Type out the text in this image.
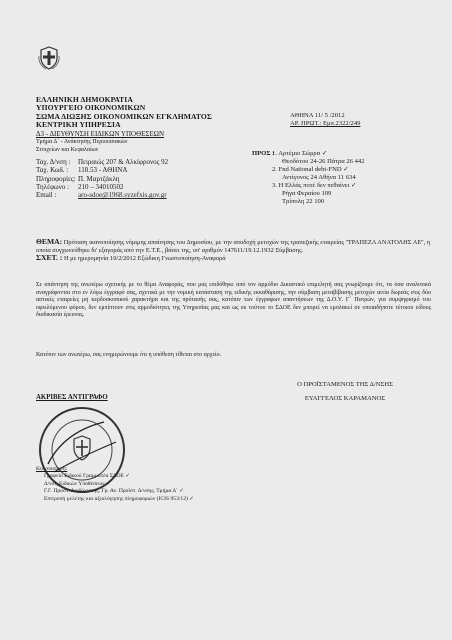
ΕΛΛΗΝΙΚΗ ΔΗΜΟΚΡΑΤΙΑ
ΥΠΟΥΡΓΕΙΟ ΟΙΚΟΝΟΜΙΚΩΝ
ΣΩΜΑ ΔΙΩΞΗΣ ΟΙΚΟΝΟΜΙΚΩΝ ΕΓΚΛΗΜΑΤΟΣ
ΚΕΝΤΡΙΚΗ ΥΠΗΡΕΣΙΑ
Δ3 - ΔΙΕΥΘΥΝΣΗ ΕΙΔΙΚΩΝ ΥΠΟΘΕΣΕΩΝ
Τμήμα Δ΄ - Ανάκτησης Περιουσιακών
Στοιχείων και Κεφαλαίων
Ταχ. Δ/νση :	Πειραιώς 207 & Αλκίφρονος 92
Ταχ. Κωδ. :	118.53 - ΑΘΗΝΑ
Πληροφορίες: Π. Μαρτζάκλη
Τηλέφωνο :	210 – 34010502
Email :	aro-sdoe@1968.syzefxis.gov.gr
ΑΘΗΝΑ 11/ 5 /2012
ΑΡ. ΠΡΩΤ.: Εμπ.2322/249
ΠΡΟΣ :
1. Αρτέμιο Σώρρα ✓
Θεοδότου 24-26 Πάτρα 26 442
2. Fnd National debt-FND ✓
Αντίγονος 24 Αθήνα 11 634
3. Η Ελλάς ποτέ δεν πεθαίνει ✓
Ρήγα Φεραίου 109
Τρίπολη 22 100
ΘΕΜΑ: Πρόταση ικανοποίησης νόμιμης απαίτησης του Δημοσίου, με την αποδοχή μετοχών της τραπεζικής εταιρείας ''ΤΡΑΠΕΖΑ ΑΝΑΤΟΛΗΣ ΑΕ'', η οποία συγχωνεύθηκε δι' εξαγοράς από την Ε.Τ.Ε., βάσει της, υπ' αριθμόν 147611/19.12.1932 Σύμβασης.
ΣΧΕΤ. : Η με ημερομηνία 10/2/2012 Εξώδικη Γνωστοποίηση-Αναφορά
Σε απάντηση της ανωτέρω σχετικής με το θέμα Αναφοράς, που μας επιδόθηκε από τον αρμόδιο Δικαστικό επιμελητή σας γνωρίζουμε ότι, τα όσα αναλυτικά αναγράφονται στο εν λόγω έγγραφό σας, σχετικά με την νομική κατάσταση της ειδικής εκκαθάρισης, την σύμβαση μεταβίβασης μετοχών αιτία δωρεάς στις δύο αστικές εταιρείες μη κερδοσκοπικού χαρακτήρα και της πρότασής σας, κατόπιν των έγγραφων απαντήσεων της Δ.Ο.Υ. Γ΄ Πατρών, για συμψηφισμό του οφειλόμενου φόρου, δεν εμπίπτουν στις αρμοδιότητες της Υπηρεσίας μας και ως εκ τούτου το ΣΔΟΕ δεν μπορεί να εμπλακεί σε οποιαδήποτε τέτοιου είδους διαδικασία έρευνας.
Κατόπιν των ανωτέρω, σας ενημερώνουμε ότι η υπόθεση τίθεται στο αρχείο.
Ο ΠΡΟΪΣΤΑΜΕΝΟΣ ΤΗΣ Δ/ΝΣΗΣ
ΕΥΑΓΓΕΛΟΣ ΚΑΡΑΜΑΝΟΣ
ΑΚΡΙΒΕΣ ΑΝΤΙΓΡΑΦΟ
Κοινοποίηση:
Γραφείο Ειδικού Γραμματέα ΣΔΟΕ ✓
Δ/νση Ειδικών Υποθέσεων ✓
Γ.Γ. Προστ. Διαδόχιστης, Γρ. Αν. Προϊστ. Δ/νσης, Τμήμα Δ΄ ✓
Επιτροπή μελέτης και αξιολόγησης πληροφοριών (ICIS 953/12) ✓
